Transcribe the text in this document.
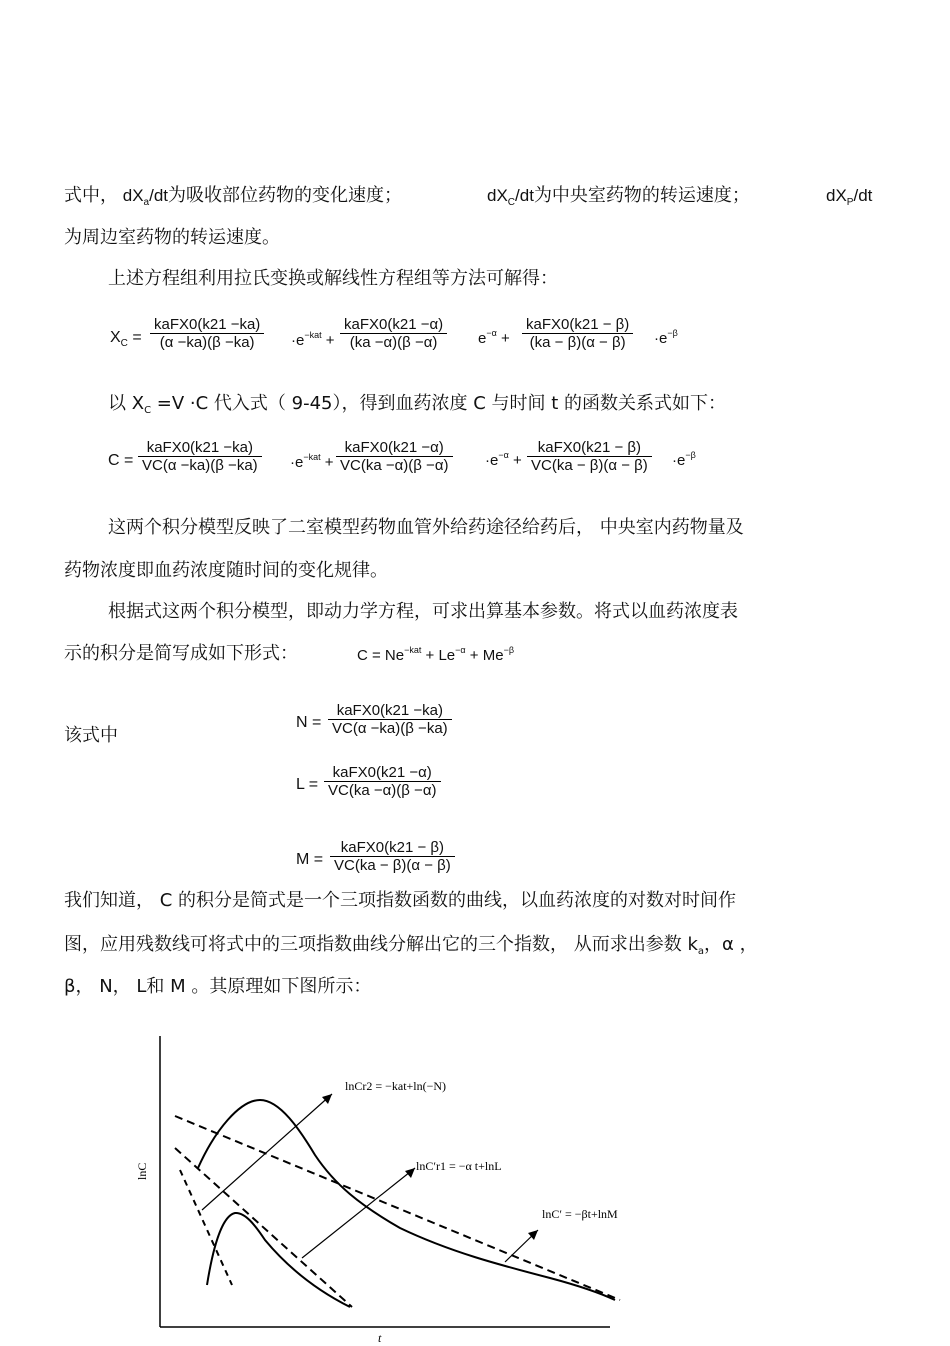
式中， $dX_a/dt$为吸收部位药物的变化速度；	$dX_C/dt$为中央室药物的转运速度；	$dX_P/dt$
为周边室药物的转运速度。
上述方程组利用拉氏变换或解线性方程组等方法可解得：
$X_C$ =
kaFX0(k21 −ka)
(α −ka)(β −ka)	$\cdot e^{-kat}$ +
kaFX0(k21 −α)
(ka −α)(β −α)	$e^{-\alpha}$ +
kaFX0(k21 − β)
(ka − β)(α − β)	$\cdot e^{-\beta}$
以 $X_C =V \cdot C$ 代入式（ 9-45），得到血药浓度 C 与时间 t 的函数关系式如下：
C =
kaFX0(k21 −ka)
$VC(\alpha -ka)(\beta -ka) \cdot e^{-kat}$ +
kaFX0(k21 −α)
$VC(ka -\alpha)(\beta -\alpha) \cdot e^{-\alpha}$ +
kaFX0(k21 − β)
$VC(ka - \beta)(\alpha - \beta) \cdot e^{-\beta}$
这两个积分模型反映了二室模型药物血管外给药途径给药后， 中央室内药物量及
药物浓度即血药浓度随时间的变化规律。
根据式这两个积分模型，即动力学方程，可求出算基本参数。将式以血药浓度表
示的积分是简写成如下形式：	$C = Ne^{-kat} + Le^{-\alpha} + Me^{-\beta}$
该式中
N =
kaFX0(k21 −ka)
VC(α −ka)(β −ka)
L =
kaFX0(k21 −α)
VC(ka −α)(β −α)
M =
kaFX0(k21 − β)
VC(ka − β)(α − β)
我们知道， C 的积分是简式是一个三项指数函数的曲线，以血药浓度的对数对时间作
图，应用残数线可将式中的三项指数曲线分解出它的三个指数， 从而求出参数 $k_a$，α ，
β， N， L和 M 。其原理如下图所示：
lnC
t
lnCr2 = −kat+ln(−N)
lnC′r1 = −α t+lnL
lnC′ = −βt+lnM
